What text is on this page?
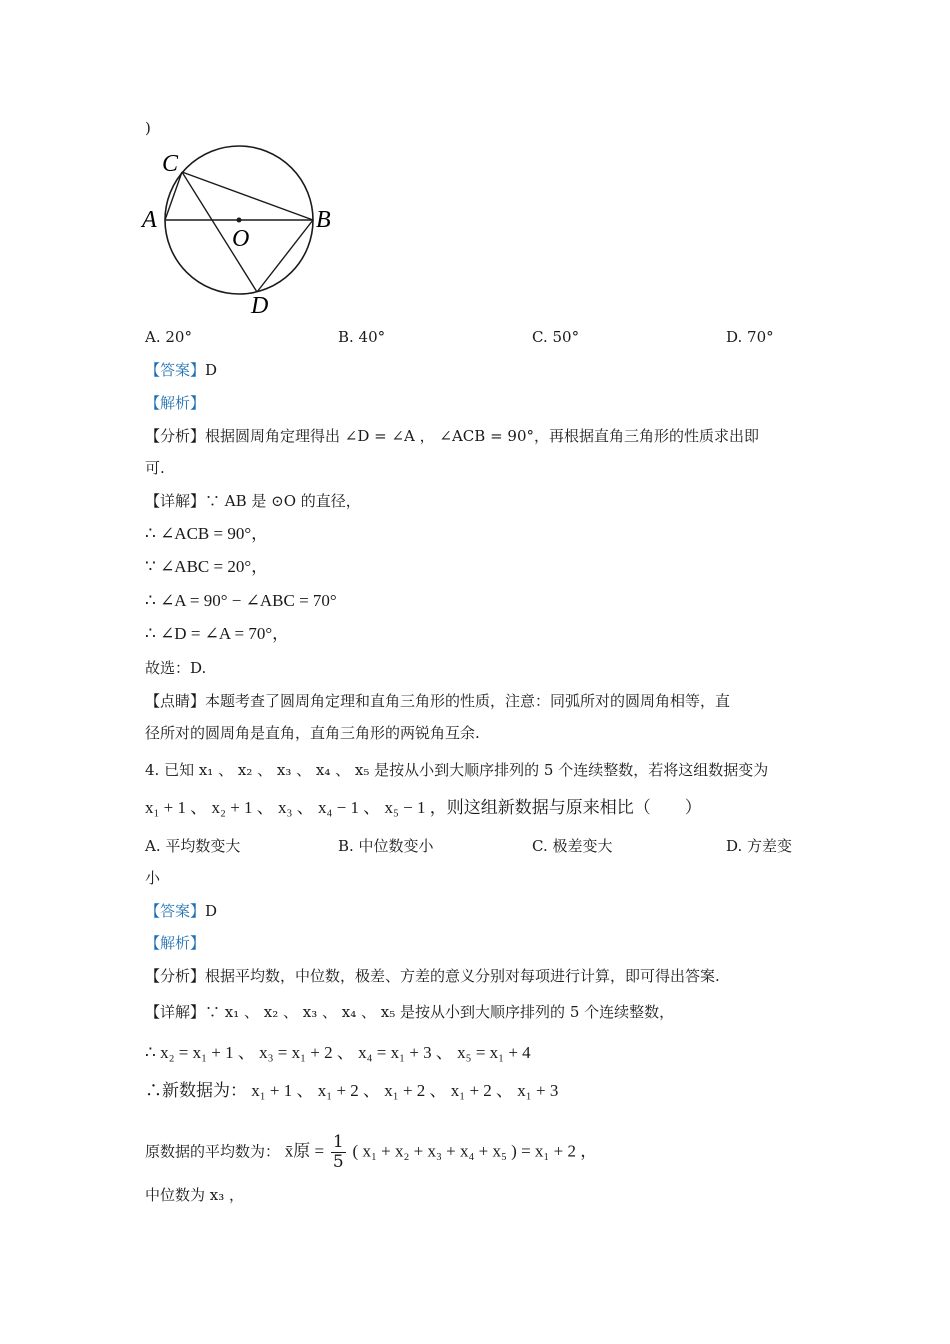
)
C
A
O
B
D
A. 20°	B. 40°	C. 50°	D. 70°
【答案】D
【解析】
【分析】根据圆周角定理得出 ∠D = ∠A ， ∠ACB = 90°，再根据直角三角形的性质求出即
可.
【详解】∵ AB 是 ⊙O 的直径，
∴ ∠ACB = 90°，
∵ ∠ABC = 20°，
∴ ∠A = 90° − ∠ABC = 70°
∴ ∠D = ∠A = 70°，
故选：D.
【点睛】本题考查了圆周角定理和直角三角形的性质，注意：同弧所对的圆周角相等，直
径所对的圆周角是直角，直角三角形的两锐角互余.
4. 已知 x₁ 、 x₂ 、 x₃ 、 x₄ 、 x₅ 是按从小到大顺序排列的 5 个连续整数，若将这组数据变为
x₁ + 1 、 x₂ + 1 、 x₃ 、 x₄ − 1 、 x₅ − 1 ，则这组新数据与原来相比（　　）
A. 平均数变大	B. 中位数变小	C. 极差变大	D. 方差变
小
【答案】D
【解析】
【分析】根据平均数，中位数，极差、方差的意义分别对每项进行计算，即可得出答案.
【详解】∵ x₁ 、 x₂ 、 x₃ 、 x₄ 、 x₅ 是按从小到大顺序排列的 5 个连续整数，
∴ x₂ = x₁ + 1 、 x₃ = x₁ + 2 、 x₄ = x₁ + 3 、 x₅ = x₁ + 4
∴新数据为： x₁ + 1 、 x₁ + 2 、 x₁ + 2 、 x₁ + 2 、 x₁ + 3
原数据的平均数为： x̄原 = $\frac{1}{5}$ ( x₁ + x₂ + x₃ + x₄ + x₅ ) = x₁ + 2 ，
中位数为 x₃ ，
